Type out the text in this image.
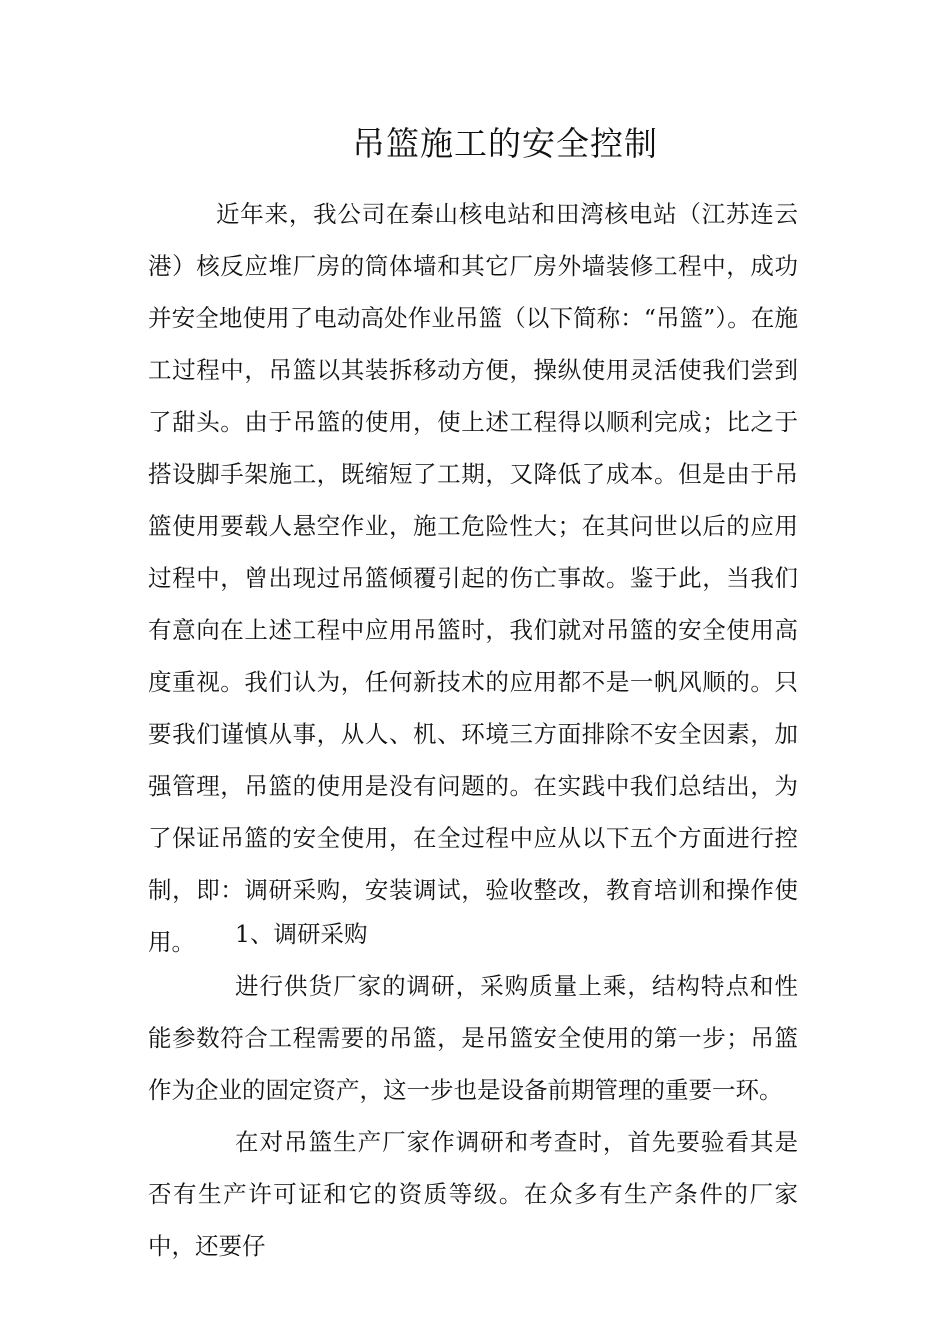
吊篮施工的安全控制

近年来，我公司在秦山核电站和田湾核电站（江苏连云港）核反应堆厂房的筒体墙和其它厂房外墙装修工程中，成功并安全地使用了电动高处作业吊篮（以下简称：“吊篮”）。在施工过程中，吊篮以其装拆移动方便，操纵使用灵活使我们尝到了甜头。由于吊篮的使用，使上述工程得以顺利完成；比之于搭设脚手架施工，既缩短了工期，又降低了成本。但是由于吊篮使用要载人悬空作业，施工危险性大；在其问世以后的应用过程中，曾出现过吊篮倾覆引起的伤亡事故。鉴于此，当我们有意向在上述工程中应用吊篮时，我们就对吊篮的安全使用高度重视。我们认为，任何新技术的应用都不是一帆风顺的。只要我们谨慎从事，从人、机、环境三方面排除不安全因素，加强管理，吊篮的使用是没有问题的。在实践中我们总结出，为了保证吊篮的安全使用，在全过程中应从以下五个方面进行控制，即：调研采购，安装调试，验收整改，教育培训和操作使用。	1、调研采购

进行供货厂家的调研，采购质量上乘，结构特点和性能参数符合工程需要的吊篮，是吊篮安全使用的第一步；吊篮作为企业的固定资产，这一步也是设备前期管理的重要一环。

在对吊篮生产厂家作调研和考查时，首先要验看其是否有生产许可证和它的资质等级。在众多有生产条件的厂家中，还要仔
